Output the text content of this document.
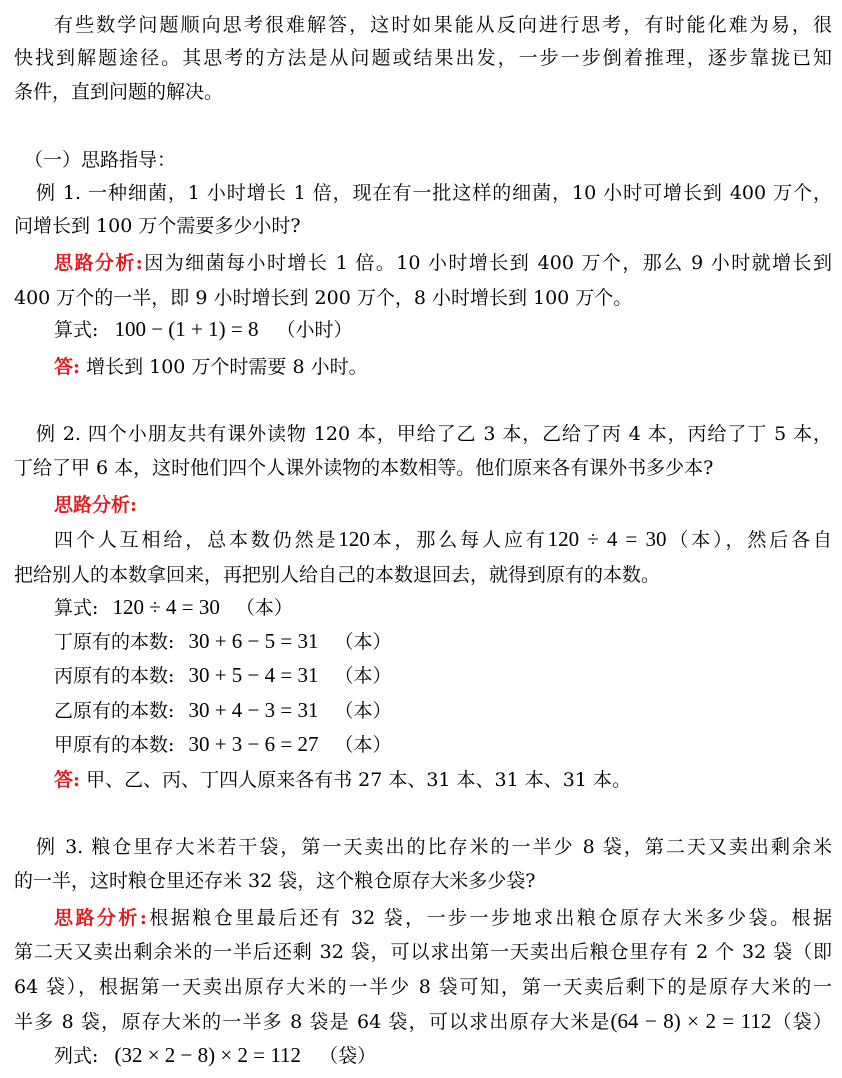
有些数学问题顺向思考很难解答，这时如果能从反向进行思考，有时能化难为易，很
快找到解题途径。其思考的方法是从问题或结果出发，一步一步倒着推理，逐步靠拢已知
条件，直到问题的解决。
（一）思路指导：
例 1. 一种细菌，1 小时增长 1 倍，现在有一批这样的细菌，10 小时可增长到 400 万个，
问增长到 100 万个需要多少小时?
思路分析:因为细菌每小时增长 1 倍。10 小时增长到 400 万个，那么 9 小时就增长到
400 万个的一半，即 9 小时增长到 200 万个，8 小时增长到 100 万个。
算式: 100 − (1 + 1) = 8 （小时）
答: 增长到 100 万个时需要 8 小时。
例 2. 四个小朋友共有课外读物 120 本，甲给了乙 3 本，乙给了丙 4 本，丙给了丁 5 本，
丁给了甲 6 本，这时他们四个人课外读物的本数相等。他们原来各有课外书多少本?
思路分析:
四个人互相给，总本数仍然是120本，那么每人应有120 ÷ 4 = 30（本），然后各自
把给别人的本数拿回来，再把别人给自己的本数退回去，就得到原有的本数。
算式: 120 ÷ 4 = 30 （本）
丁原有的本数: 30 + 6 − 5 = 31 （本）
丙原有的本数: 30 + 5 − 4 = 31 （本）
乙原有的本数: 30 + 4 − 3 = 31 （本）
甲原有的本数: 30 + 3 − 6 = 27 （本）
答: 甲、乙、丙、丁四人原来各有书 27 本、31 本、31 本、31 本。
例 3. 粮仓里存大米若干袋，第一天卖出的比存米的一半少 8 袋，第二天又卖出剩余米
的一半，这时粮仓里还存米 32 袋，这个粮仓原存大米多少袋?
思路分析:根据粮仓里最后还有 32 袋，一步一步地求出粮仓原存大米多少袋。根据
第二天又卖出剩余米的一半后还剩 32 袋，可以求出第一天卖出后粮仓里存有 2 个 32 袋（即
64 袋），根据第一天卖出原存大米的一半少 8 袋可知，第一天卖后剩下的是原存大米的一
半多 8 袋，原存大米的一半多 8 袋是 64 袋，可以求出原存大米是(64 − 8) × 2 = 112（袋）
列式: (32 × 2 − 8) × 2 = 112 （袋）
